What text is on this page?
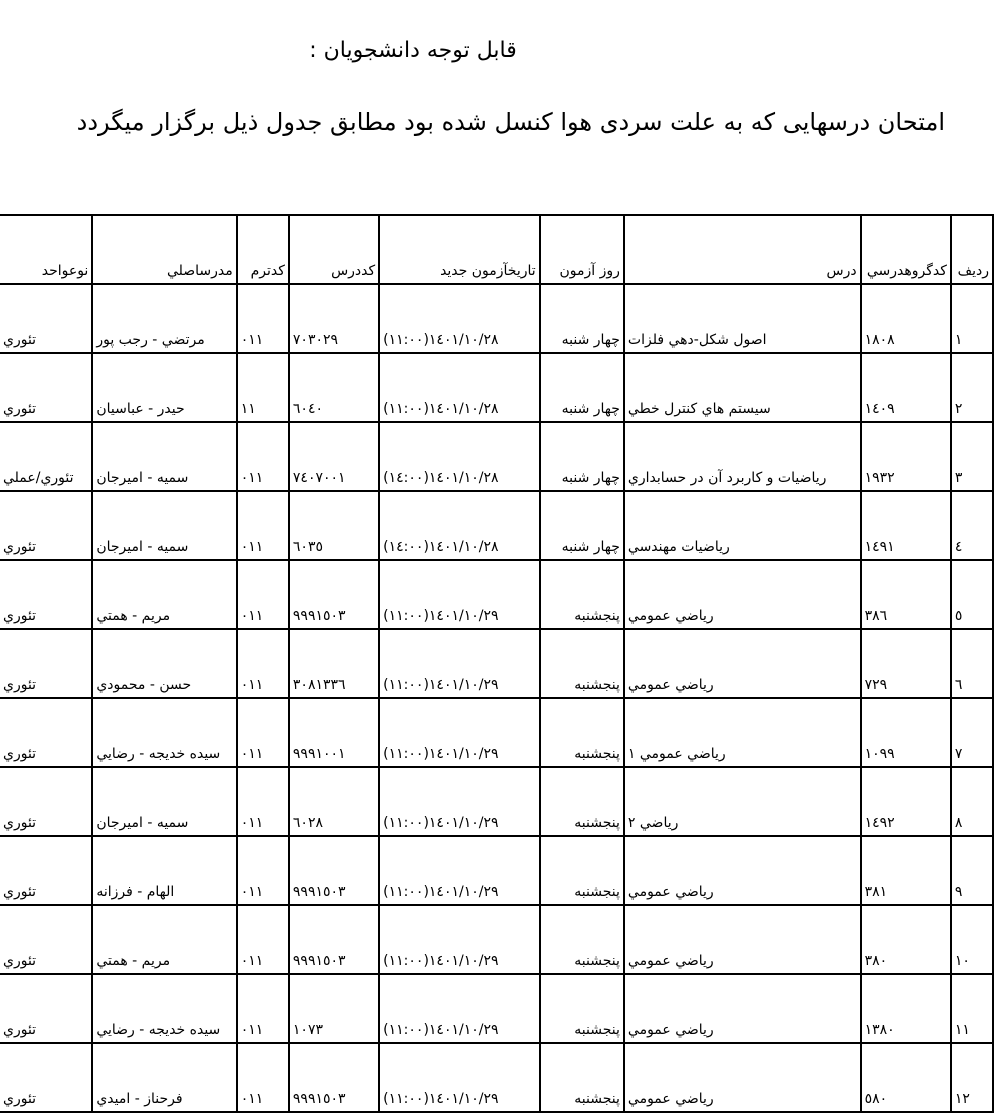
قابل توجه دانشجویان :
امتحان درسهایی که به علت سردی هوا کنسل شده بود مطابق جدول ذیل برگزار میگردد
رديف	کدگروهدرسي	درس	روز آزمون	تاريخآزمون جديد	کددرس	کدترم	مدرساصلي	نوعواحد
١	١٨٠٨	اصول شکل-دهي فلزات	چهار شنبه	١٤٠١/١٠/٢٨(١١:٠٠)	٧٠٣٠٢٩	٠١١	مرتضي - رجب پور	تئوري
٢	١٤٠٩	سيستم هاي کنترل خطي	چهار شنبه	١٤٠١/١٠/٢٨(١١:٠٠)	٦٠٤٠	١١	حيدر - عباسيان	تئوري
٣	١٩٣٢	رياضيات و کاربرد آن در حسابداري	چهار شنبه	١٤٠١/١٠/٢٨(١٤:٠٠)	٧٤٠٧٠٠١	٠١١	سميه - اميرجان	تئوري/عملي
٤	١٤٩١	رياضيات مهندسي	چهار شنبه	١٤٠١/١٠/٢٨(١٤:٠٠)	٦٠٣٥	٠١١	سميه - اميرجان	تئوري
٥	٣٨٦	رياضي عمومي	پنجشنبه	١٤٠١/١٠/٢٩(١١:٠٠)	٩٩٩١٥٠٣	٠١١	مريم - همتي	تئوري
٦	٧٢٩	رياضي عمومي	پنجشنبه	١٤٠١/١٠/٢٩(١١:٠٠)	٣٠٨١٣٣٦	٠١١	حسن - محمودي	تئوري
٧	١٠٩٩	رياضي عمومي ١	پنجشنبه	١٤٠١/١٠/٢٩(١١:٠٠)	٩٩٩١٠٠١	٠١١	سيده خديجه - رضايي	تئوري
٨	١٤٩٢	رياضي ٢	پنجشنبه	١٤٠١/١٠/٢٩(١١:٠٠)	٦٠٢٨	٠١١	سميه - اميرجان	تئوري
٩	٣٨١	رياضي عمومي	پنجشنبه	١٤٠١/١٠/٢٩(١١:٠٠)	٩٩٩١٥٠٣	٠١١	الهام - فرزانه	تئوري
١٠	٣٨٠	رياضي عمومي	پنجشنبه	١٤٠١/١٠/٢٩(١١:٠٠)	٩٩٩١٥٠٣	٠١١	مريم - همتي	تئوري
١١	١٣٨٠	رياضي عمومي	پنجشنبه	١٤٠١/١٠/٢٩(١١:٠٠)	١٠٧٣	٠١١	سيده خديجه - رضايي	تئوري
١٢	٥٨٠	رياضي عمومي	پنجشنبه	١٤٠١/١٠/٢٩(١١:٠٠)	٩٩٩١٥٠٣	٠١١	فرحناز - اميدي	تئوري
